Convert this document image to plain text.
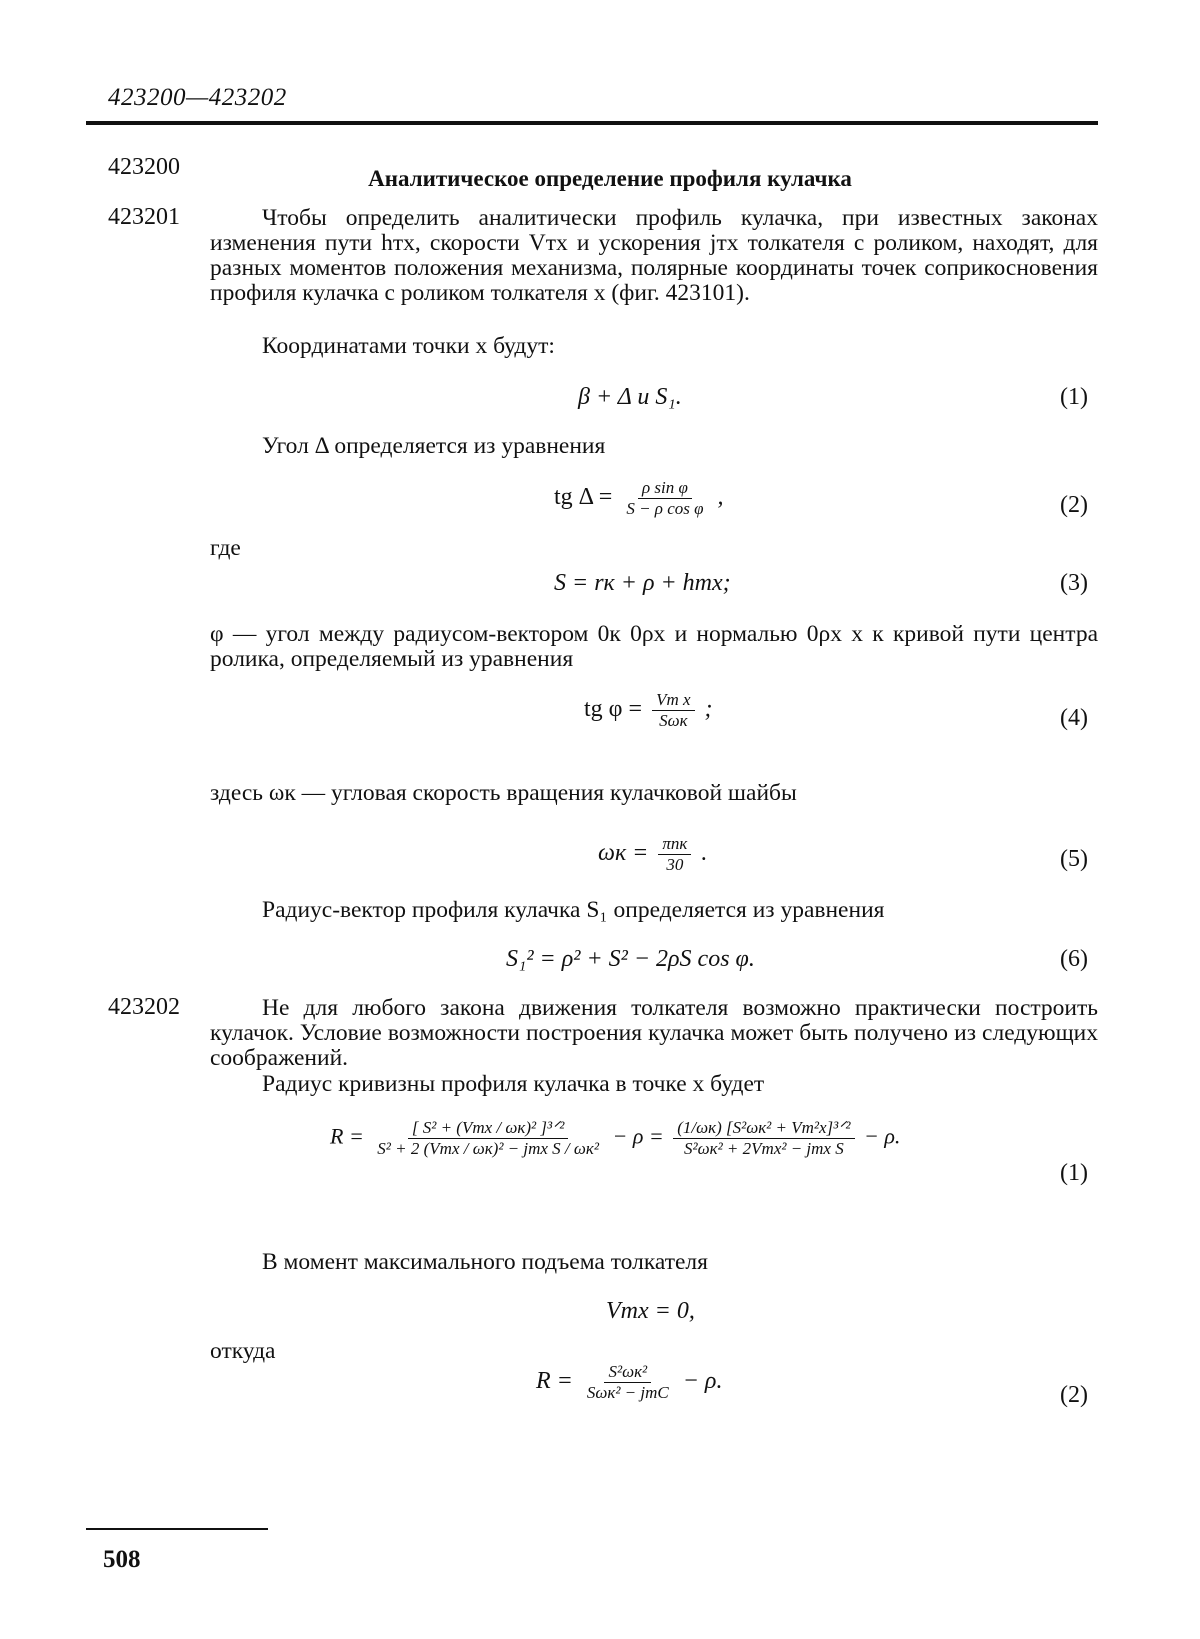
423200—423202
423200	Аналитическое определение профиля кулачка
423201	Чтобы определить аналитически профиль кулачка, при известных законах изменения пути hтx, скорости Vтx и ускорения jтx толкателя с роликом, находят, для разных моментов положения механизма, полярные координаты точек соприкосновения профиля кулачка с роликом толкателя x (фиг. 423101).
Координатами точки x будут:
β + Δ и S₁.	(1)
Угол Δ определяется из уравнения
tg $\Delta = \frac{\text{ρ sin φ}}{\text{S − ρ cos φ}}$ ,	(2)
где
S = rк + ρ + hтx;	(3)
φ — угол между радиусом-вектором 0к 0ρx и нормалью 0ρx x к кривой пути центра ролика, определяемый из уравнения
tg $\varphi = \frac{\text{Vт x}}{\text{Sωк}}$ ;	(4)
здесь ωк — угловая скорость вращения кулачковой шайбы
$\omega к = \frac{\text{πnк}}{30}$ .	(5)
Радиус-вектор профиля кулачка S₁ определяется из уравнения
S₁² = ρ² + S² − 2ρS cos φ.	(6)
423202	Не для любого закона движения толкателя возможно практически построить кулачок. Условие возможности построения кулачка может быть получено из следующих соображений.
Радиус кривизны профиля кулачка в точке x будет
$R = \frac{\text{[ S² + (Vтx / ωк)² ]³ᐟ²}}{\text{S² + 2 (Vтx / ωк)² − jтx S / ωк²}} - \rho = \frac{\text{(1/ωк) [S²ωк² + Vт²x]³ᐟ²}}{\text{S²ωк² + 2Vтx² − jтx S}} - \rho$.
(1)
В момент максимального подъема толкателя
Vтx = 0,
откуда
$R = \frac{\text{S²ωк²}}{\text{Sωк² − jтC}} - \rho$.
(2)
508
